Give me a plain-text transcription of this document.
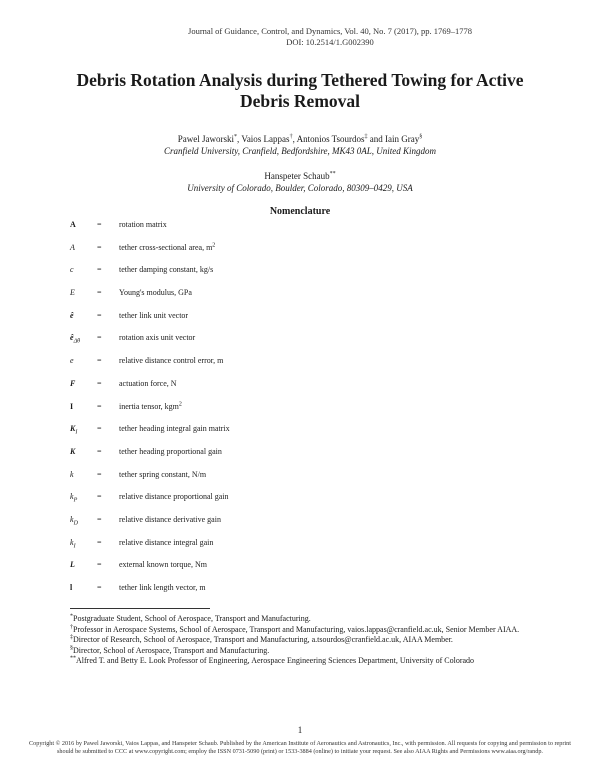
Journal of Guidance, Control, and Dynamics, Vol. 40, No. 7 (2017), pp. 1769–1778
DOI: 10.2514/1.G002390
Debris Rotation Analysis during Tethered Towing for Active
Debris Removal
Pawel Jaworski*, Vaios Lappas†, Antonios Tsourdos‡ and Iain Gray§
Cranfield University, Cranfield, Bedfordshire, MK43 0AL, United Kingdom
Hanspeter Schaub**
University of Colorado, Boulder, Colorado, 80309–0429, USA
Nomenclature
A	=	rotation matrix
A	=	tether cross-sectional area, $m^2$
c	=	tether damping constant, kg/s
E	=	Young's modulus, GPa
ê	=	tether link unit vector
$ê_{\Delta\theta}$	=	rotation axis unit vector
e	=	relative distance control error, m
F	=	actuation force, N
I	=	inertia tensor, kgm$^2$
$K_I$	=	tether heading integral gain matrix
K	=	tether heading proportional gain
k	=	tether spring constant, N/m
$k_P$	=	relative distance proportional gain
$k_D$	=	relative distance derivative gain
$k_I$	=	relative distance integral gain
L	=	external known torque, Nm
l	=	tether link length vector, m

*Postgraduate Student, School of Aerospace, Transport and Manufacturing.

†Professor in Aerospace Systems, School of Aerospace, Transport and Manufacturing, vaios.lappas@cranfield.ac.uk, Senior Member AIAA.

‡Director of Research, School of Aerospace, Transport and Manufacturing, a.tsourdos@cranfield.ac.uk, AIAA Member.

§Director, School of Aerospace, Transport and Manufacturing.

**Alfred T. and Betty E. Look Professor of Engineering, Aerospace Engineering Sciences Department, University of Colorado

1
Copyright © 2016 by Pawel Jaworski, Vaios Lappas, and Hanspeter Schaub. Published by the American Institute of Aeronautics and Astronautics, Inc., with permission. All requests for copying and permission to reprint should be submitted to CCC at www.copyright.com; employ the ISSN 0731-5090 (print) or 1533-3884 (online) to initiate your request. See also AIAA Rights and Permissions www.aiaa.org/randp.
